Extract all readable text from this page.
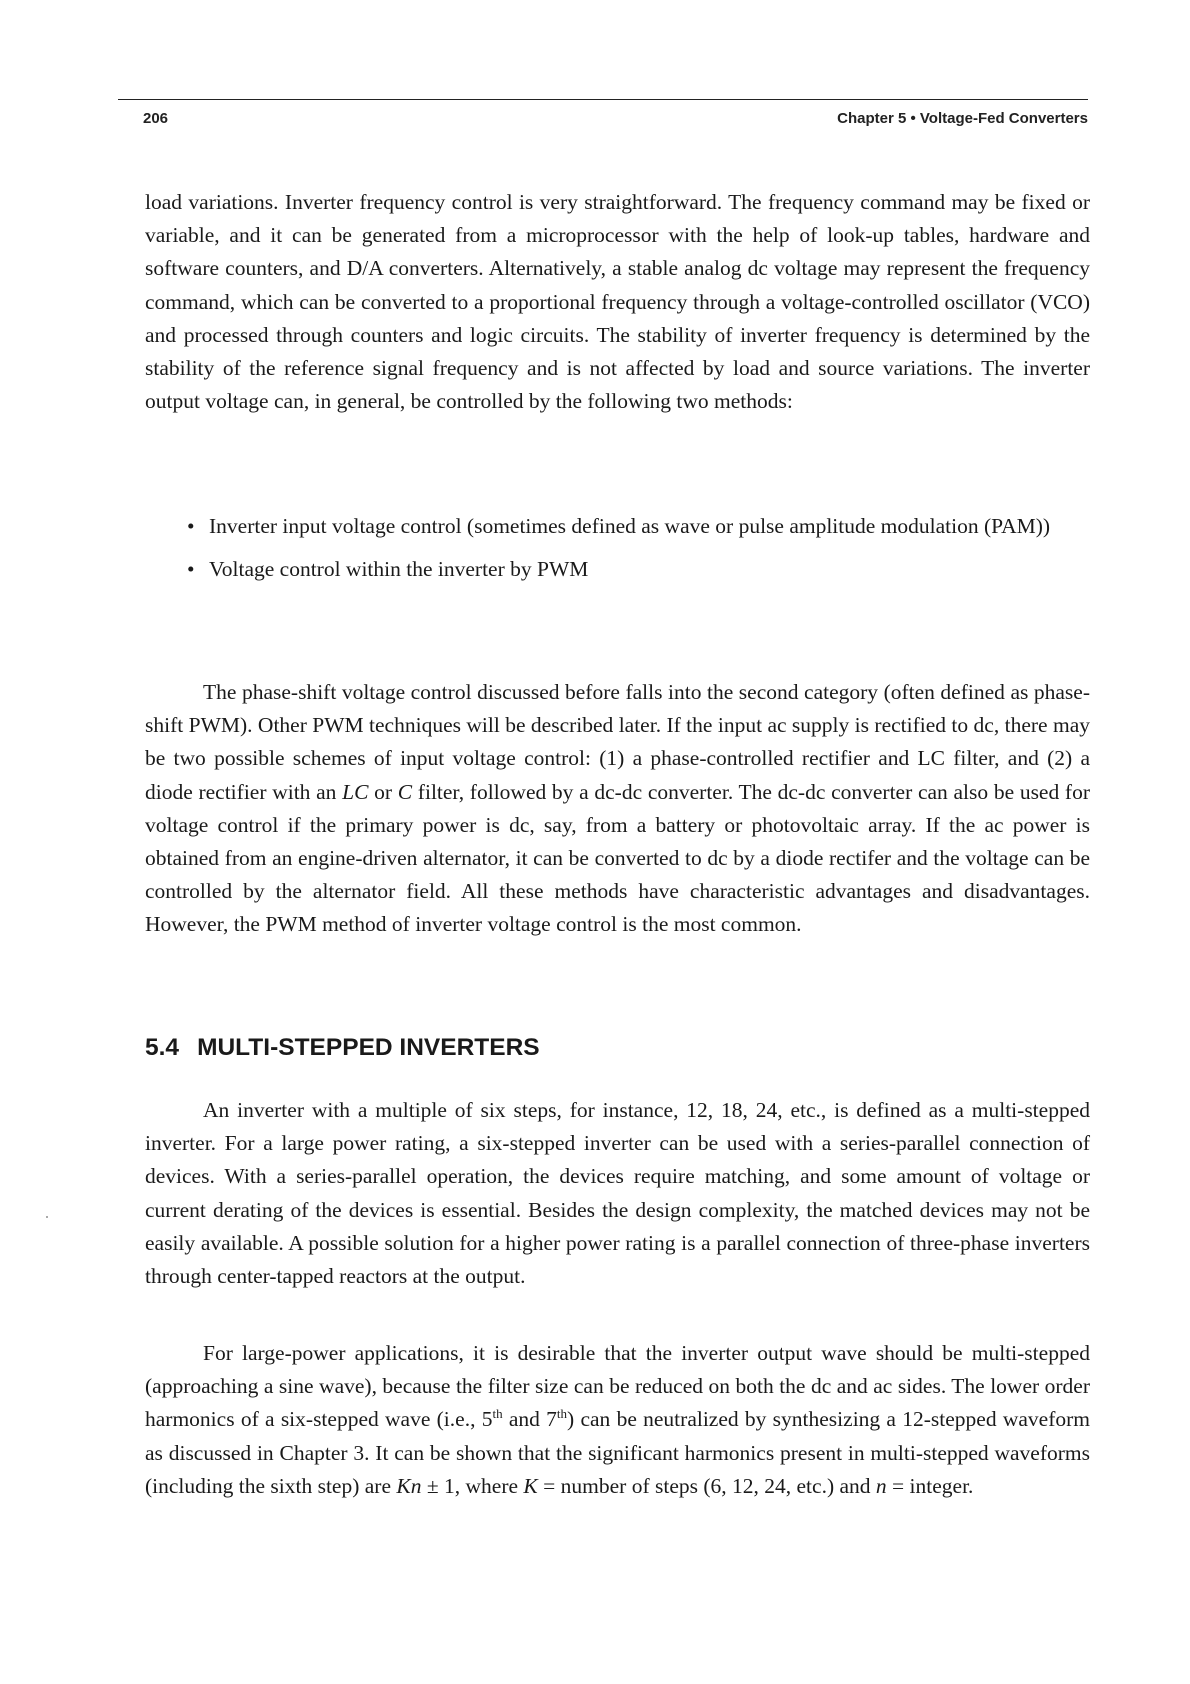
206	Chapter 5 • Voltage-Fed Converters

load variations. Inverter frequency control is very straightforward. The frequency command may be fixed or variable, and it can be generated from a microprocessor with the help of look-up tables, hardware and software counters, and D/A converters. Alternatively, a stable analog dc voltage may represent the frequency command, which can be converted to a proportional frequency through a voltage-controlled oscillator (VCO) and processed through counters and logic circuits. The stability of inverter frequency is determined by the stability of the reference signal frequency and is not affected by load and source variations. The inverter output voltage can, in general, be controlled by the following two methods:

• Inverter input voltage control (sometimes defined as wave or pulse amplitude modulation (PAM))
• Voltage control within the inverter by PWM

The phase-shift voltage control discussed before falls into the second category (often defined as phase-shift PWM). Other PWM techniques will be described later. If the input ac supply is rectified to dc, there may be two possible schemes of input voltage control: (1) a phase-controlled rectifier and LC filter, and (2) a diode rectifier with an LC or C filter, followed by a dc-dc converter. The dc-dc converter can also be used for voltage control if the primary power is dc, say, from a battery or photovoltaic array. If the ac power is obtained from an engine-driven alternator, it can be converted to dc by a diode rectifer and the voltage can be controlled by the alternator field. All these methods have characteristic advantages and disadvantages. However, the PWM method of inverter voltage control is the most common.

5.4 MULTI-STEPPED INVERTERS

An inverter with a multiple of six steps, for instance, 12, 18, 24, etc., is defined as a multi-stepped inverter. For a large power rating, a six-stepped inverter can be used with a series-parallel connection of devices. With a series-parallel operation, the devices require matching, and some amount of voltage or current derating of the devices is essential. Besides the design complexity, the matched devices may not be easily available. A possible solution for a higher power rating is a parallel connection of three-phase inverters through center-tapped reactors at the output.

For large-power applications, it is desirable that the inverter output wave should be multi-stepped (approaching a sine wave), because the filter size can be reduced on both the dc and ac sides. The lower order harmonics of a six-stepped wave (i.e., 5th and 7th) can be neutralized by synthesizing a 12-stepped waveform as discussed in Chapter 3. It can be shown that the significant harmonics present in multi-stepped waveforms (including the sixth step) are Kn ± 1, where K = number of steps (6, 12, 24, etc.) and n = integer.
